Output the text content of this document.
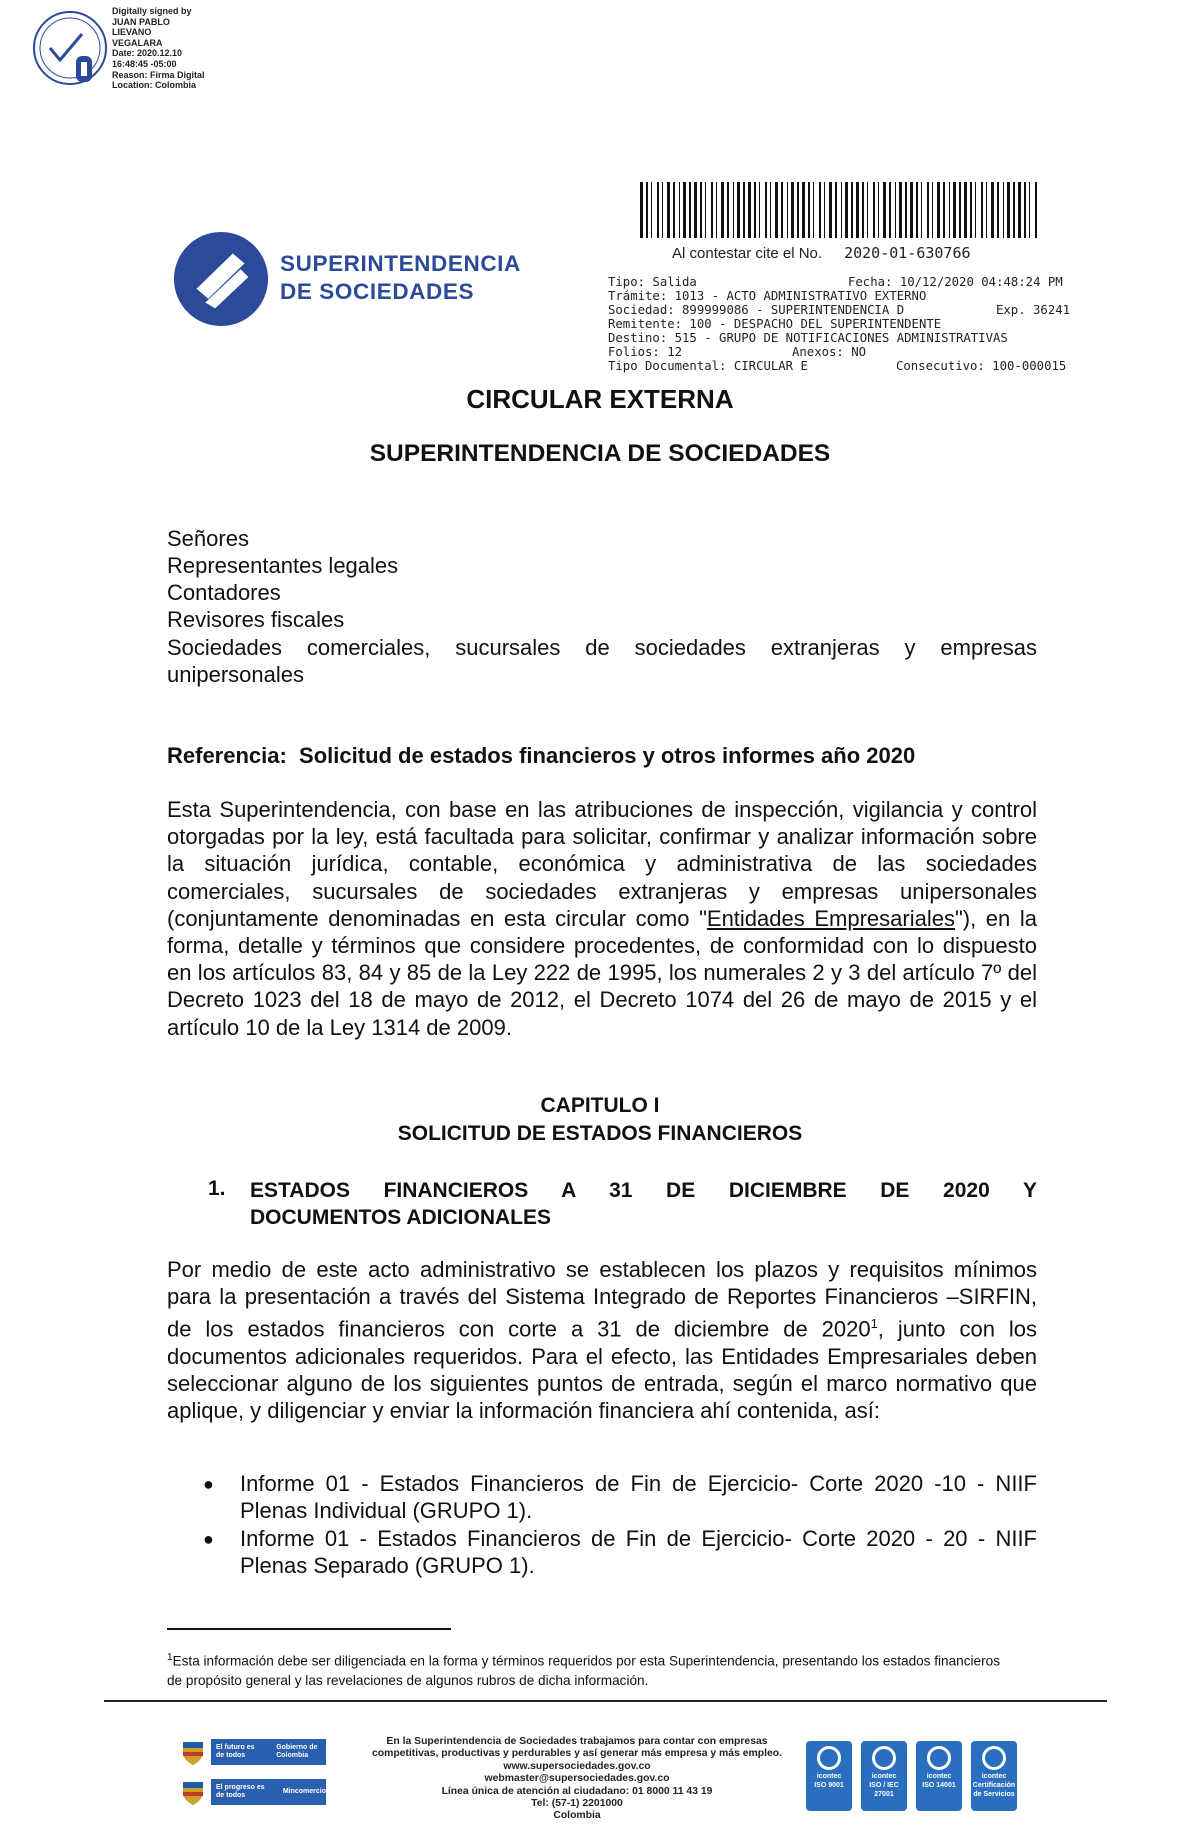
Digitally signed by
JUAN PABLO
LIEVANO
VEGALARA
Date: 2020.12.10
16:48:45 -05:00
Reason: Firma Digital
Location: Colombia
SUPERINTENDENCIA
DE SOCIEDADES
Al contestar cite el No. 2020-01-630766
Tipo: Salida	Fecha: 10/12/2020 04:48:24 PM
Trámite: 1013 - ACTO ADMINISTRATIVO EXTERNO
Sociedad: 899999086 - SUPERINTENDENCIA D	Exp. 36241
Remitente: 100 - DESPACHO DEL SUPERINTENDENTE
Destino: 515 - GRUPO DE NOTIFICACIONES ADMINISTRATIVAS
Folios: 12	Anexos: NO
Tipo Documental: CIRCULAR E	Consecutivo: 100-000015
CIRCULAR EXTERNA
SUPERINTENDENCIA DE SOCIEDADES
Señores
Representantes legales
Contadores
Revisores fiscales
Sociedades comerciales, sucursales de sociedades extranjeras y empresas unipersonales
Referencia:  Solicitud de estados financieros y otros informes año 2020
Esta Superintendencia, con base en las atribuciones de inspección, vigilancia y control otorgadas por la ley, está facultada para solicitar, confirmar y analizar información sobre la situación jurídica, contable, económica y administrativa de las sociedades comerciales, sucursales de sociedades extranjeras y empresas unipersonales (conjuntamente denominadas en esta circular como "Entidades Empresariales"), en la forma, detalle y términos que considere procedentes, de conformidad con lo dispuesto en los artículos 83, 84 y 85 de la Ley 222 de 1995, los numerales 2 y 3 del artículo 7º del Decreto 1023 del 18 de mayo de 2012, el Decreto 1074 del 26 de mayo de 2015 y el artículo 10 de la Ley 1314 de 2009.
CAPITULO I
SOLICITUD DE ESTADOS FINANCIEROS
1. ESTADOS FINANCIEROS A 31 DE DICIEMBRE DE 2020 Y
DOCUMENTOS ADICIONALES
Por medio de este acto administrativo se establecen los plazos y requisitos mínimos para la presentación a través del Sistema Integrado de Reportes Financieros –SIRFIN, de los estados financieros con corte a 31 de diciembre de 2020$^1$, junto con los documentos adicionales requeridos. Para el efecto, las Entidades Empresariales deben seleccionar alguno de los siguientes puntos de entrada, según el marco normativo que aplique, y diligenciar y enviar la información financiera ahí contenida, así:
● Informe 01 - Estados Financieros de Fin de Ejercicio- Corte 2020 -10 - NIIF Plenas Individual (GRUPO 1).
● Informe 01 - Estados Financieros de Fin de Ejercicio- Corte 2020 - 20 - NIIF Plenas Separado (GRUPO 1).
$^1$Esta información debe ser diligenciada en la forma y términos requeridos por esta Superintendencia, presentando los estados financieros de propósito general y las revelaciones de algunos rubros de dicha información.
El futuro es de todos
Gobierno de Colombia
El progreso es de todos
Mincomercio
En la Superintendencia de Sociedades trabajamos para contar con empresas
competitivas, productivas y perdurables y así generar más empresa y más empleo.
www.supersociedades.gov.co
webmaster@supersociedades.gov.co
Línea única de atención al ciudadano: 01 8000 11 43 19
Tel: (57-1) 2201000
Colombia
icontec
ISO 9001
icontec
ISO / IEC 27001
icontec
ISO 14001
icontec
Certificación de Servicios
